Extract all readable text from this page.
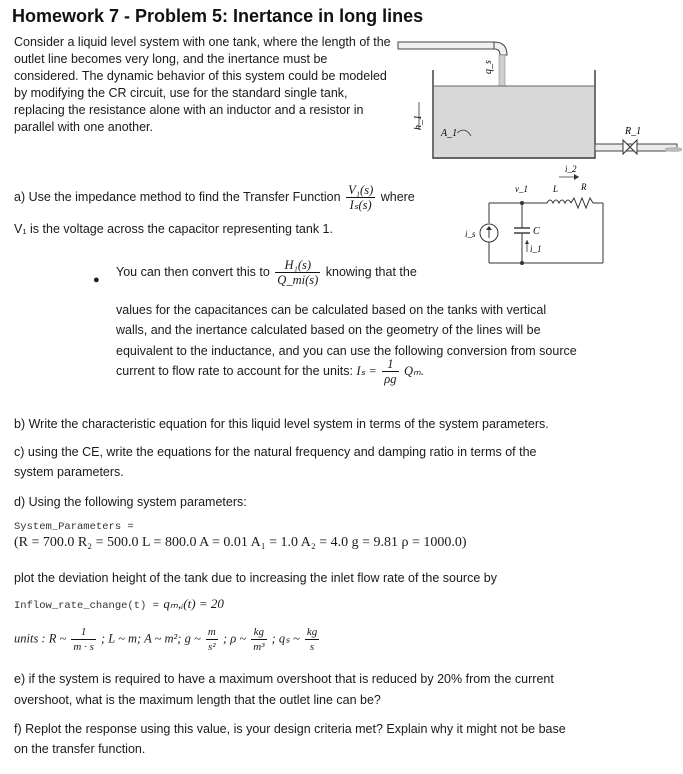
Homework 7 - Problem 5: Inertance in long lines
Consider a liquid level system with one tank, where the length of the outlet line becomes very long, and the inertance must be considered. The dynamic behavior of this system could be modeled by modifying the CR circuit, use for the standard single tank, replacing the resistance alone with an inductor and a resistor in parallel with one another.
q_s
h_1
A_1	R_1
i_2
v_1	L	R
i_s	C
i_1
a) Use the impedance method to find the Transfer Function $\frac{\text{V₁(s)}}{\text{Iₛ(s)}}$ where
V₁ is the voltage across the capacitor representing tank 1.
●
You can then convert this to $\frac{\text{H₁(s)}}{Q\_mi(s)}$ knowing that the
values for the capacitances can be calculated based on the tanks with vertical
walls, and the inertance calculated based on the geometry of the lines will be
equivalent to the inductance, and you can use the following conversion from source
current to flow rate to account for the units: $I_s = \frac{1}{\rho g} Q_m$.
b) Write the characteristic equation for this liquid level system in terms of the system parameters.
c) using the CE, write the equations for the natural frequency and damping ratio in terms of the
system parameters.
d) Using the following system parameters:
System_Parameters =
(R = 700.0 R₂ = 500.0 L = 800.0 A = 0.01 A₁ = 1.0 A₂ = 4.0 g = 9.81 ρ = 1000.0)
plot the deviation height of the tank due to increasing the inlet flow rate of the source by
Inflow_rate_change(t) = qₘ,ᵢ(t) = 20
units : R ~ $\frac{1}{m \cdot s}$ ; L ~ m; A ~ m²; g ~ $\frac{m}{\text{s²}}$ ; ρ ~ $\frac{kg}{\text{m³}}$ ; qₛ ~ $\frac{kg}{s}$
e) if the system is required to have a maximum overshoot that is reduced by 20% from the current
overshoot, what is the maximum length that the outlet line can be?
f) Replot the response using this value, is your design criteria met? Explain why it might not be base
on the transfer function.
